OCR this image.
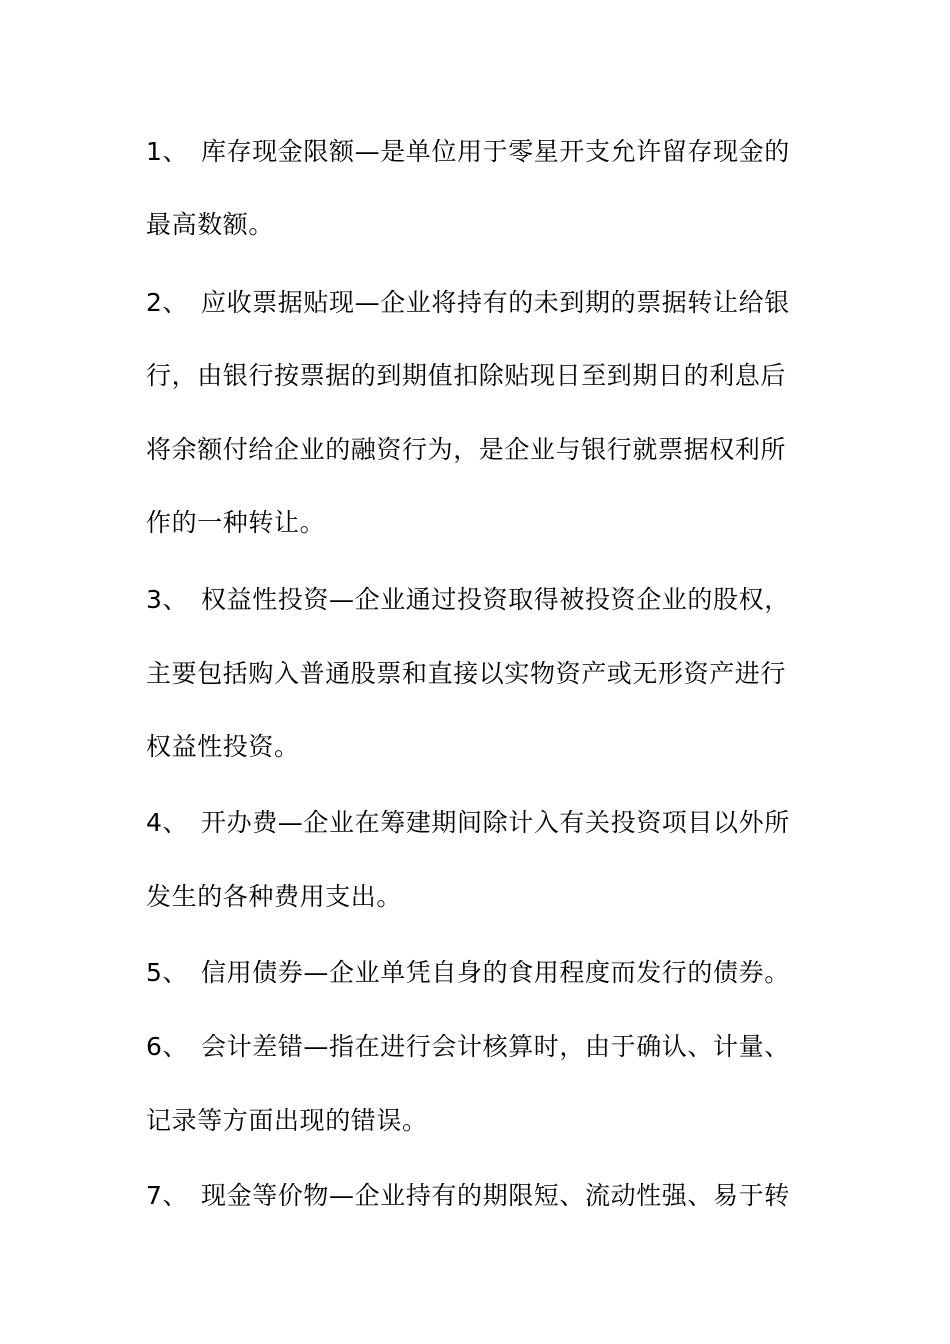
1、 库存现金限额—是单位用于零星开支允许留存现金的
最高数额。
2、 应收票据贴现—企业将持有的未到期的票据转让给银
行，由银行按票据的到期值扣除贴现日至到期日的利息后
将余额付给企业的融资行为，是企业与银行就票据权利所
作的一种转让。
3、 权益性投资—企业通过投资取得被投资企业的股权，
主要包括购入普通股票和直接以实物资产或无形资产进行
权益性投资。
4、 开办费—企业在筹建期间除计入有关投资项目以外所
发生的各种费用支出。
5、 信用债券—企业单凭自身的食用程度而发行的债券。
6、 会计差错—指在进行会计核算时，由于确认、计量、
记录等方面出现的错误。
7、 现金等价物—企业持有的期限短、流动性强、易于转
